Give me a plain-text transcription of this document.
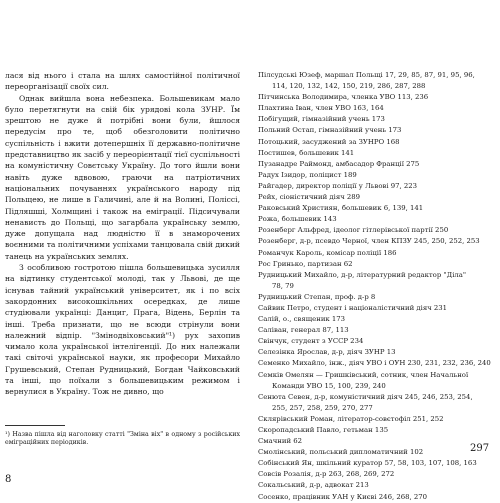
лася від нього і стала на шлях самостійної політичної переорганізації своїх сил.

Однак вийшла вона небезпека. Большевикам мало було перетягнути на свій бік урядові кола ЗУНР. Їм зрештою не дуже й потрібні вони були, йшлося передусім про те, щоб обезголовити політично суспільність і вжити дотепершніх її державно-політичне представництво як засіб у переорієнтації тієї суспільності на комуністичну Совєтську Україну. До того йшли вони навіть дуже вдвовою, граючи на патріотичних національних почуваннях українського народу під Польщею, не лише в Галичині, але й на Волині, Поліссі, Підляшші, Холмщині і також на еміграції. Підсичували ненависть до Польщі, що загарбала українську землю, дуже допущала над людністю її в знаморочених воєнними та політичними успіхами танцювала свій дикий танець на українських землях.

З особливою гостротою пішла большевицька зусилля на відтинку студентської молоді, так у Львові, де ще існував тайний український університет, як і по всіх закордонних високошкільних осередках, де лише студіювали українці: Данциг, Прага, Відень, Берлін та інші. Треба признати, що не всюди стрінули вони належний відпір. "Змінодвіховський"¹) рух захопив чимало кола української інтелігенції. До них належали такі світочі української науки, як професори Михайло Грушевський, Степан Рудницький, Богдан Чайковський та інші, що поїхали з большевицьким режимом і вернулися в Україну. Тож не дивно, що

¹) Назва пішла від наголовку статті "Зміна віх" в одному з російських еміграційних періодиків.
8
Пілсудські Юзеф, маршал Польщі 17, 29, 85, 87, 91, 95, 96,
114, 120, 132, 142, 150, 219, 286, 287, 288
Пітчинська Володимира, членка УВО 113, 236
Плахтина Іван, член УВО 163, 164
Побігущий, гімназійний учень 173
Польний Остап, гімназійний учень 173
Потоцький, засуджений за ЗУНРО 168
Постишев, большевик 141
Пузанадре Раймонд, амбасадор Франції 275
Радух Ізидор, поліцист 189
Райгадер, директор поліції у Львові 97, 223
Рейх, сіоністичний діяч 289
Раковський Християн, большевик 6, 139, 141
Рожа, большевик 143
Розенберг Альфред, ідеолог гітлерівської партії 250
Розенберг, д-р, псевдо Черної, член КПЗУ 245, 250, 252, 253
Романчук Кароль, комісар поліції 186
Рос Гринько, партизан 62
Рудницький Михайло, д-р, літературний редактор "Діла"
78, 79
Рудницький Степан, проф. д-р 8
Сайвик Петро, студент і націоналістичний діяч 231
Салій, о., священик 173
Саліван, генерал 87, 113
Свінчук, студент з УССР 234
Селезінка Ярослав, д-р, діяч ЗУНР 13
Семенко Михайло, інж., діяч УВО і ОУН 230, 231, 232, 236, 240
Семків Омелян — Гришківський, сотник, член Начальної
Команди УВО 15, 100, 239, 240
Сенюта Севен, д-р, комуністичний діяч 245, 246, 253, 254,
255, 257, 258, 259, 270, 277
Склярівський Роман, літератор-совєтофіл 251, 252
Скоропадський Павло, гетьман 135
Смачний 62
Смолінський, польський дипломатичний 102
Собінський Ян, шкільний куратор 57, 58, 103, 107, 108, 163
Совсів Розалія, д-р 263, 268, 269, 272
Сокальський, д-р, адвокат 213
Сосенко, працівник УАН у Києві 246, 268, 270
297
